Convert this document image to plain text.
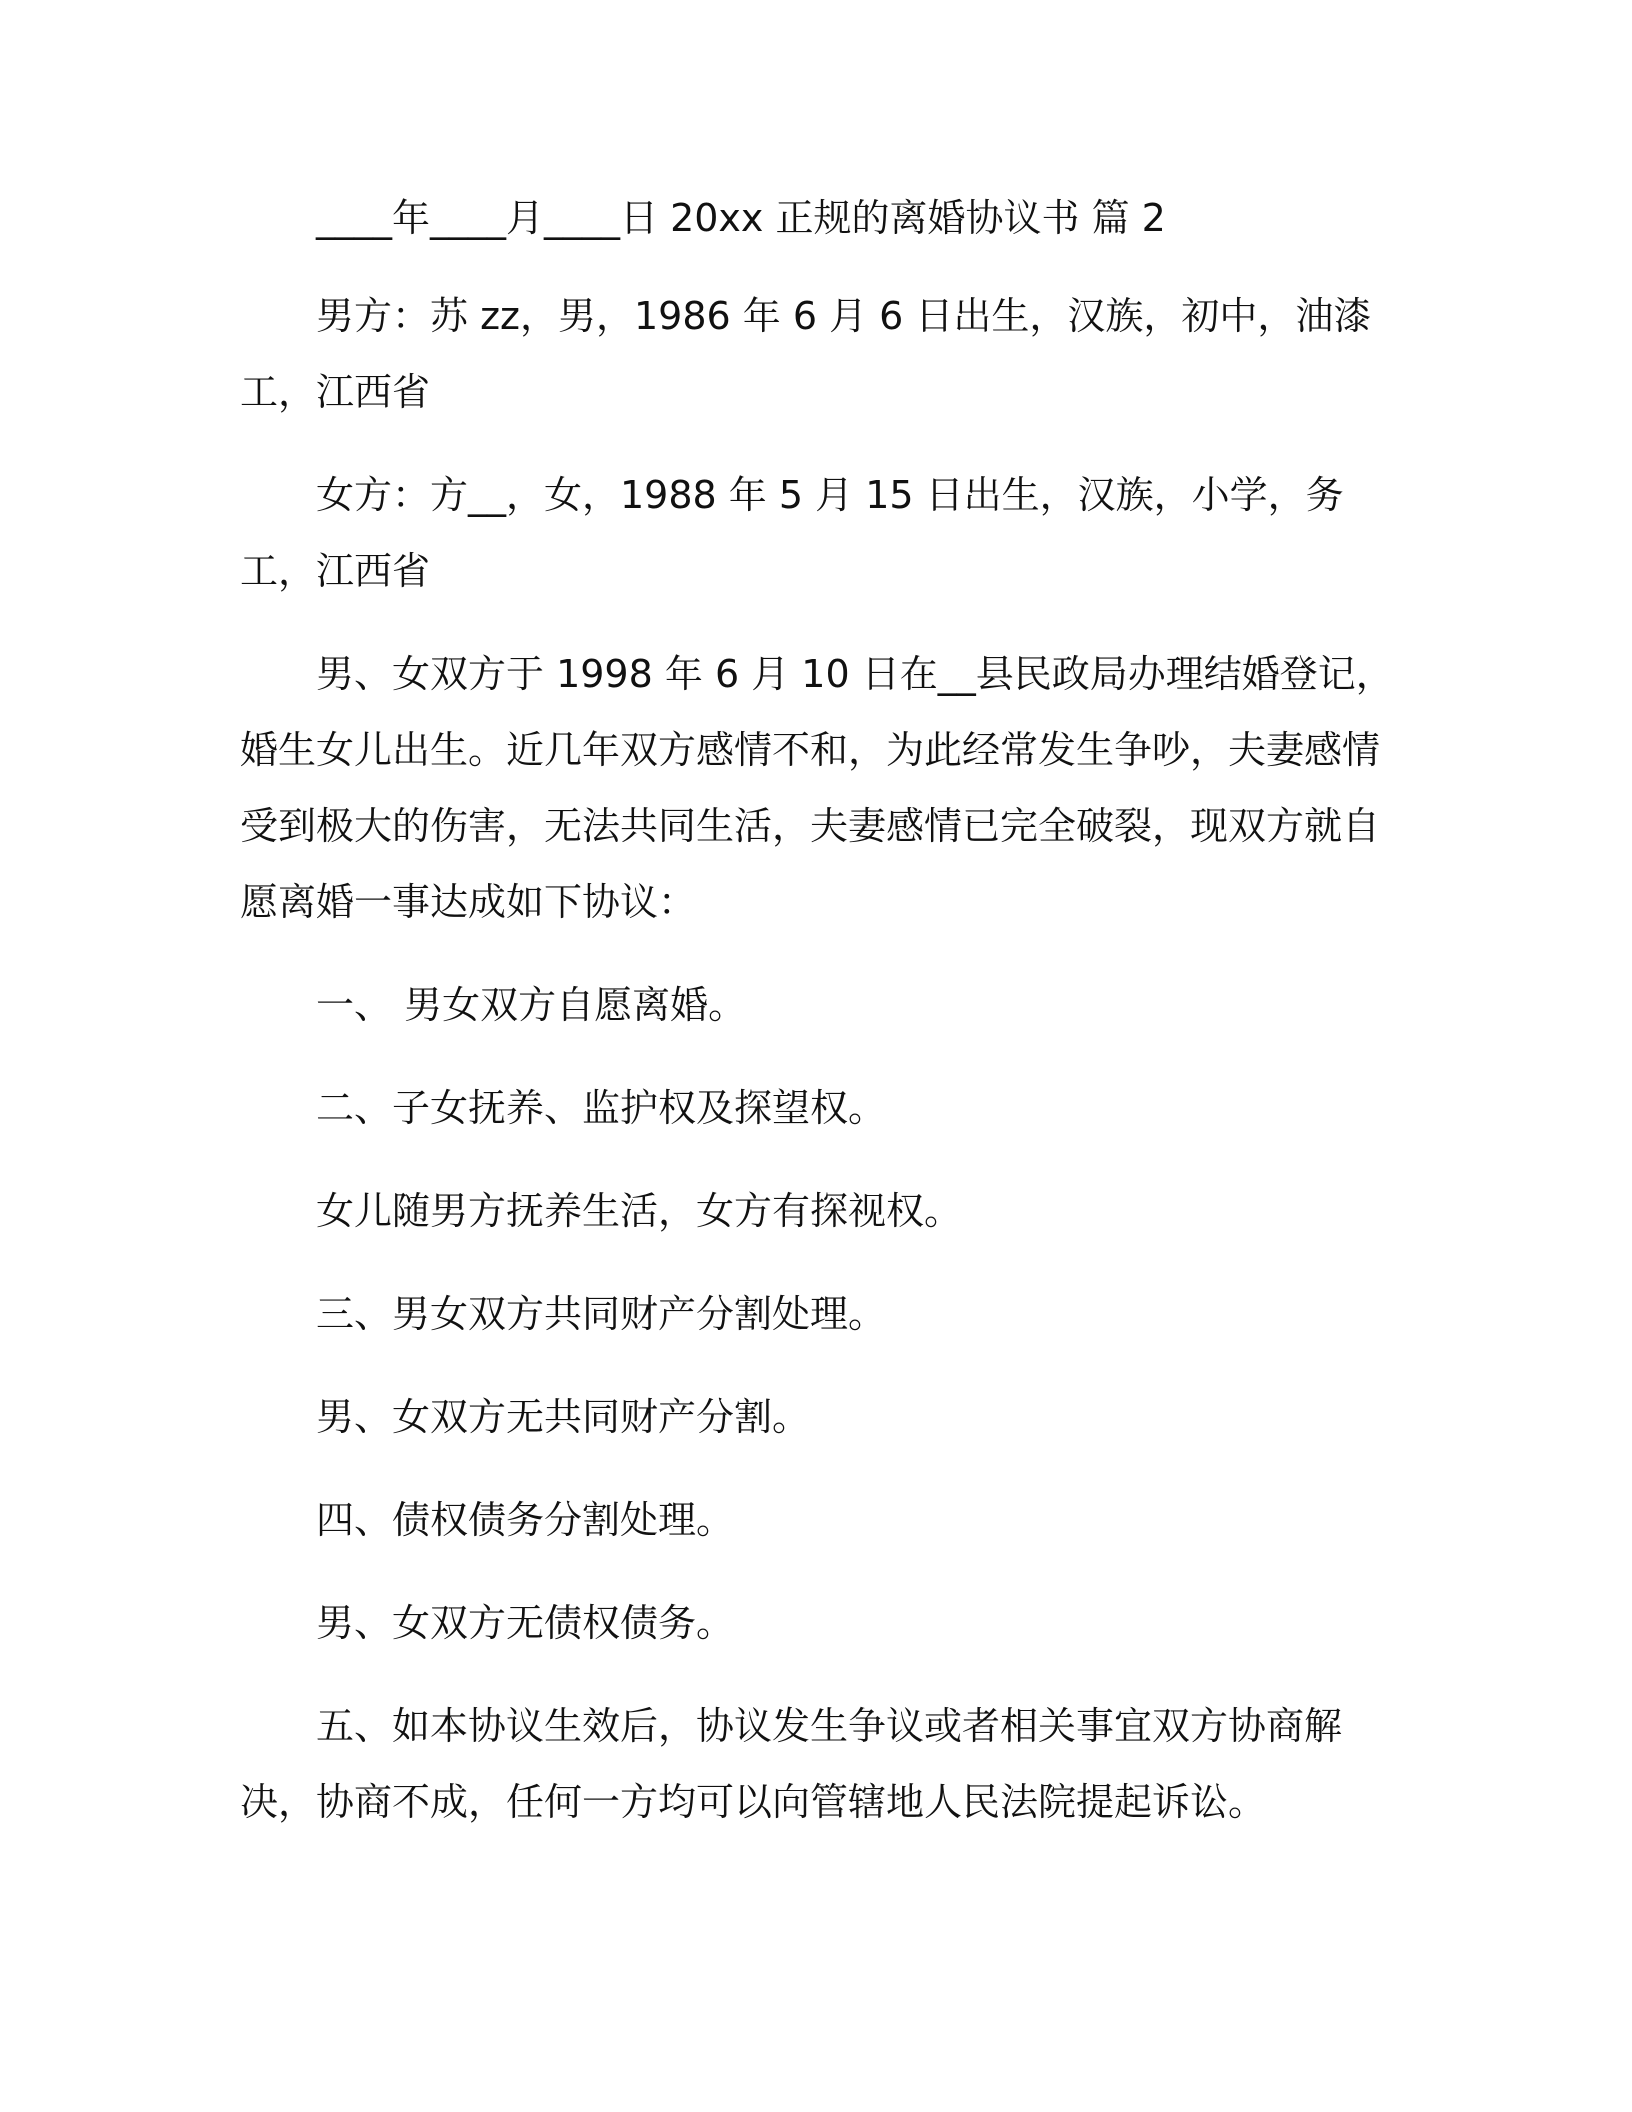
____年____月____日 20xx 正规的离婚协议书 篇 2

男方：苏 zz，男，1986 年 6 月 6 日出生，汉族，初中，油漆工，江西省

女方：方__，女，1988 年 5 月 15 日出生，汉族，小学，务工，江西省

男、女双方于 1998 年 6 月 10 日在__县民政局办理结婚登记，婚生女儿出生。近几年双方感情不和，为此经常发生争吵，夫妻感情受到极大的伤害，无法共同生活，夫妻感情已完全破裂，现双方就自愿离婚一事达成如下协议：

一、 男女双方自愿离婚。

二、子女抚养、监护权及探望权。

女儿随男方抚养生活，女方有探视权。

三、男女双方共同财产分割处理。

男、女双方无共同财产分割。

四、债权债务分割处理。

男、女双方无债权债务。

五、如本协议生效后，协议发生争议或者相关事宜双方协商解决，协商不成，任何一方均可以向管辖地人民法院提起诉讼。
